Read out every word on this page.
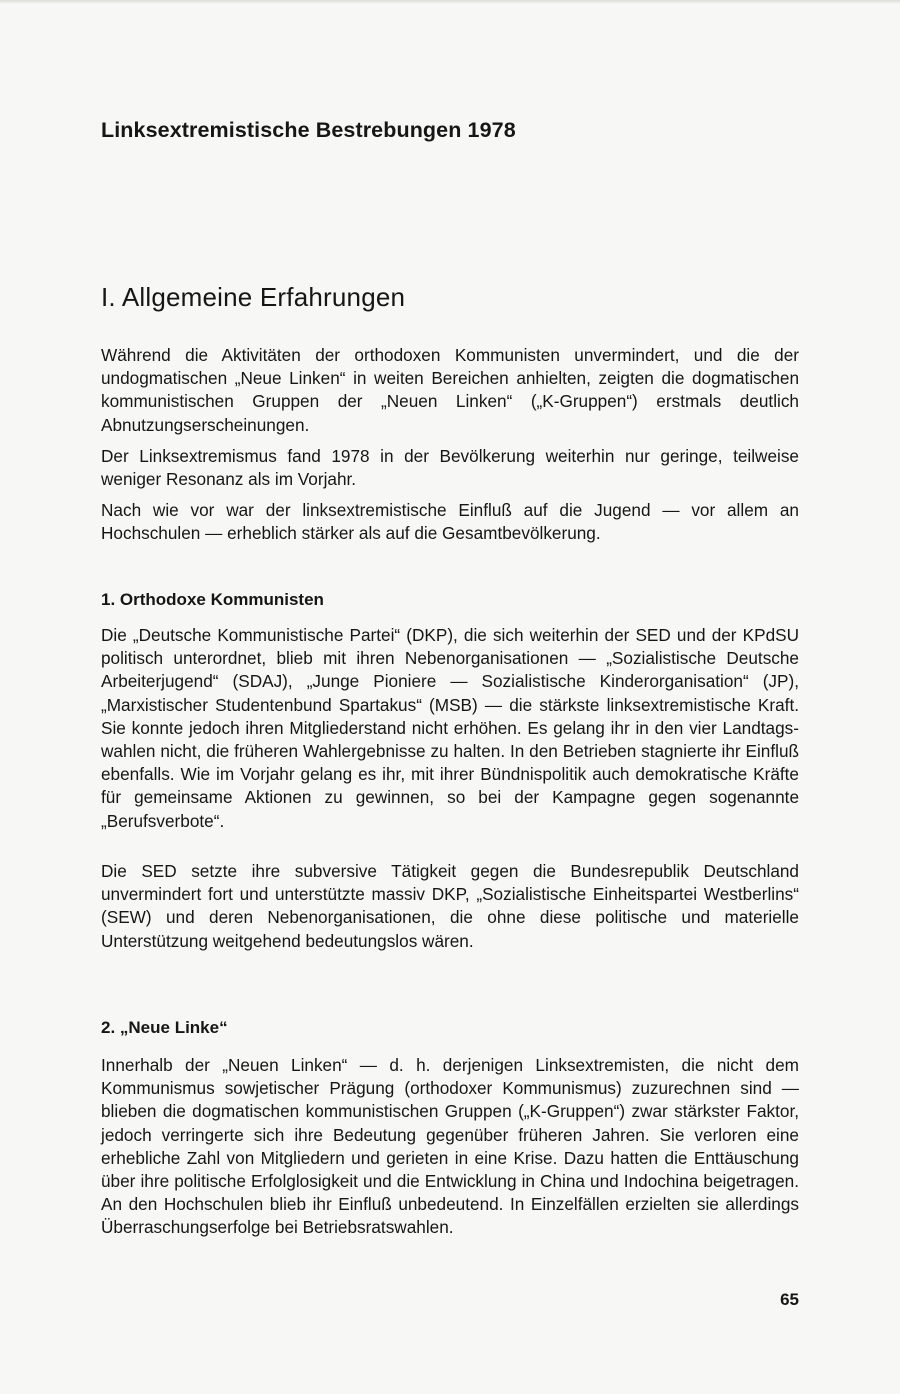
Linksextremistische Bestrebungen 1978
I. Allgemeine Erfahrungen

Während die Aktivitäten der orthodoxen Kommunisten unvermindert, und die der undogmatischen „Neue Linken“ in weiten Bereichen anhielten, zeigten die dogmatischen kommunistischen Gruppen der „Neuen Linken“ („K-Gruppen“) erstmals deutlich Abnutzungserscheinungen.

Der Linksextremismus fand 1978 in der Bevölkerung weiterhin nur geringe, teilweise weniger Resonanz als im Vorjahr.

Nach wie vor war der linksextremistische Einfluß auf die Jugend — vor allem an Hochschulen — erheblich stärker als auf die Gesamtbevölkerung.

1. Orthodoxe Kommunisten

Die „Deutsche Kommunistische Partei“ (DKP), die sich weiterhin der SED und der KPdSU politisch unterordnet, blieb mit ihren Nebenorganisationen — „Sozialistische Deutsche Arbeiterjugend“ (SDAJ), „Junge Pioniere — Sozialistische Kinderorganisation“ (JP), „Marxistischer Studentenbund Spartakus“ (MSB) — die stärkste linksextremistische Kraft. Sie konnte jedoch ihren Mitgliederstand nicht erhöhen. Es gelang ihr in den vier Landtagswahlen nicht, die früheren Wahlergebnisse zu halten. In den Betrieben stagnierte ihr Einfluß ebenfalls. Wie im Vorjahr gelang es ihr, mit ihrer Bündnispolitik auch demokratische Kräfte für gemeinsame Aktionen zu gewinnen, so bei der Kampagne gegen sogenannte „Berufsverbote“.

Die SED setzte ihre subversive Tätigkeit gegen die Bundesrepublik Deutschland unvermindert fort und unterstützte massiv DKP, „Sozialistische Einheitspartei Westberlins“ (SEW) und deren Nebenorganisationen, die ohne diese politische und materielle Unterstützung weitgehend bedeutungslos wären.

2. „Neue Linke“

Innerhalb der „Neuen Linken“ — d. h. derjenigen Linksextremisten, die nicht dem Kommunismus sowjetischer Prägung (orthodoxer Kommunismus) zuzurechnen sind — blieben die dogmatischen kommunistischen Gruppen („K-Gruppen“) zwar stärkster Faktor, jedoch verringerte sich ihre Bedeutung gegenüber früheren Jahren. Sie verloren eine erhebliche Zahl von Mitgliedern und gerieten in eine Krise. Dazu hatten die Enttäuschung über ihre politische Erfolglosigkeit und die Entwicklung in China und Indochina beigetragen. An den Hochschulen blieb ihr Einfluß unbedeutend. In Einzelfällen erzielten sie allerdings Überraschungserfolge bei Betriebsratswahlen.

65
